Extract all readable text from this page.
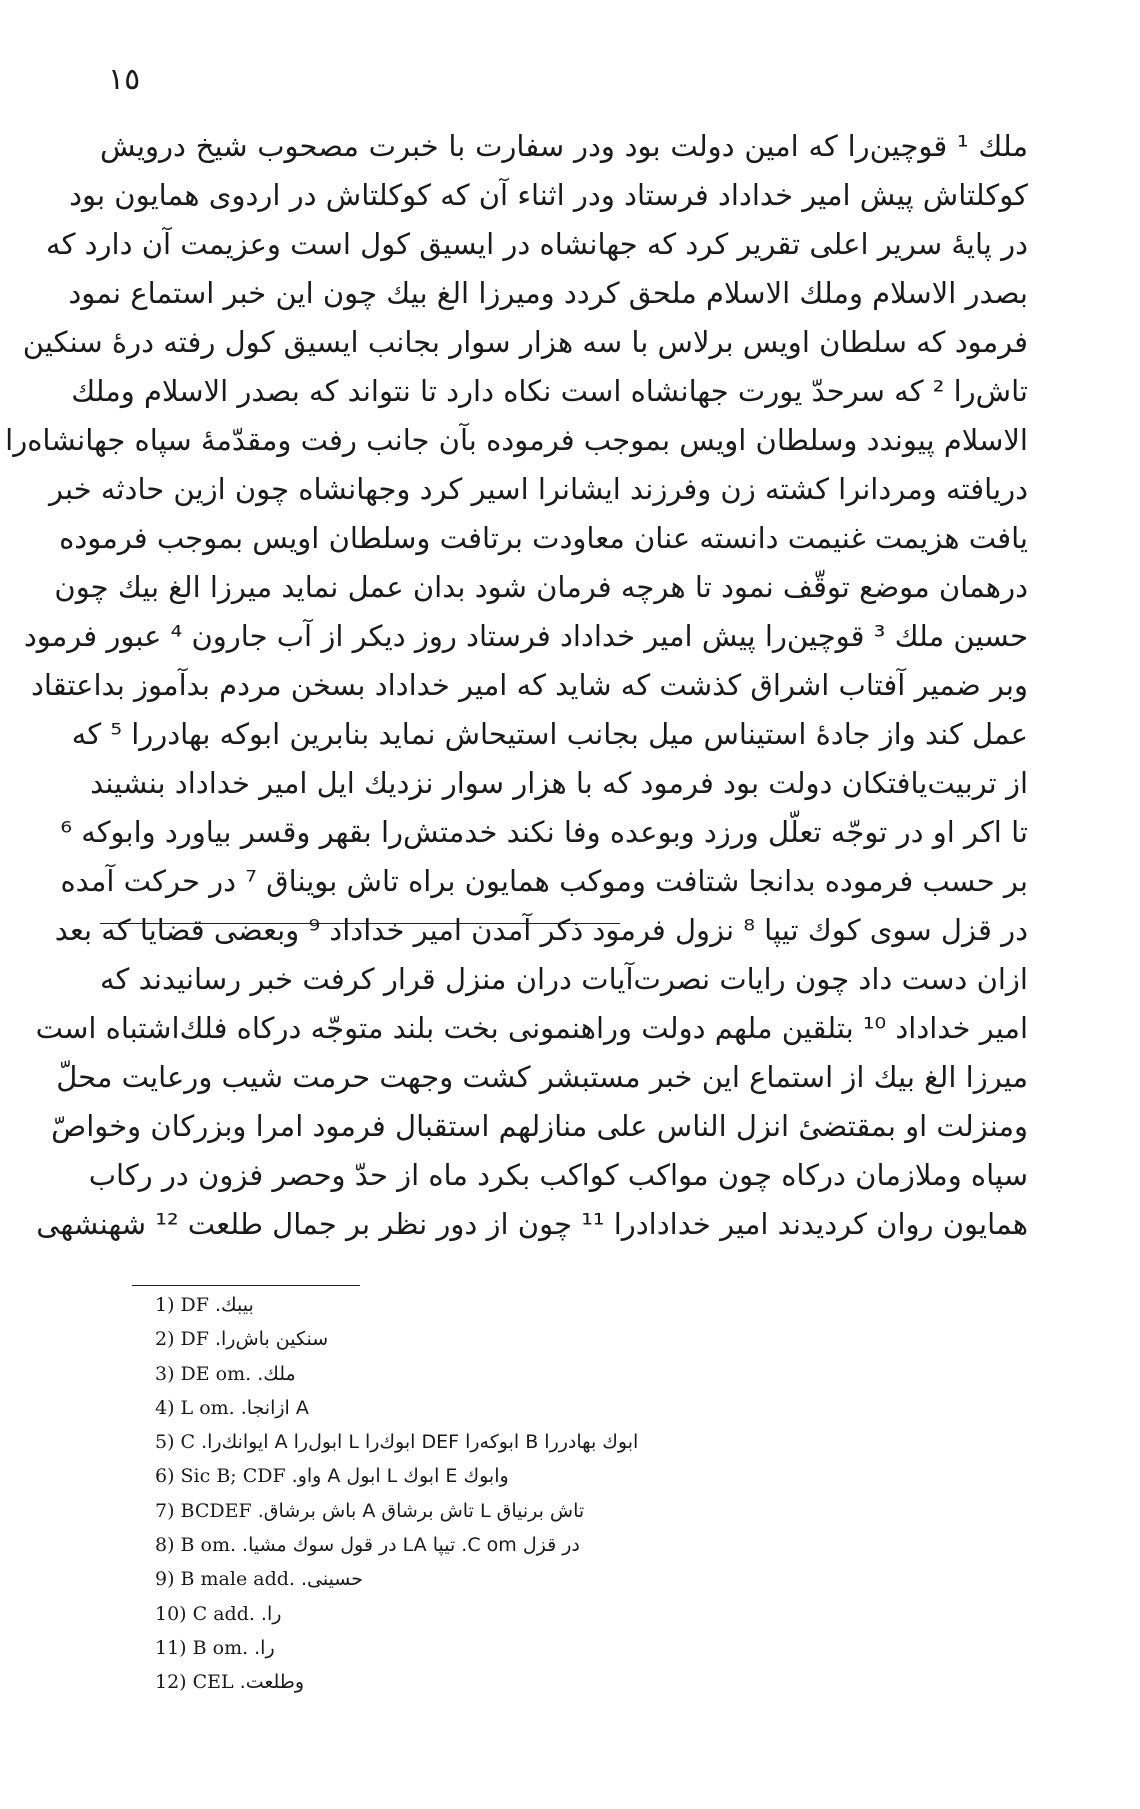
١٥
ملك ¹ قوچین‌را که امین دولت بود ودر سفارت با خبرت مصحوب شیخ درویش
کوکلتاش پیش امیر خداداد فرستاد ودر اثناء آن که کوکلتاش در اردوی همایون بود
در پایهٔ سریر اعلی تقریر کرد که جهانشاه در ایسیق کول است وعزیمت آن دارد که
بصدر الاسلام وملك الاسلام ملحق کردد ومیرزا الغ بیك چون این خبر استماع نمود
فرمود که سلطان اویس برلاس با سه هزار سوار بجانب ایسیق کول رفته درهٔ سنکین
تاش‌را ² که سرحدّ یورت جهانشاه است نکاه دارد تا نتواند که بصدر الاسلام وملك
الاسلام پیوندد وسلطان اویس بموجب فرموده بآن جانب رفت ومقدّمهٔ سپاه جهانشاه‌را
دریافته ومردانرا کشته زن وفرزند ایشانرا اسیر کرد وجهانشاه چون ازین حادثه خبر
یافت هزیمت غنیمت دانسته عنان معاودت برتافت وسلطان اویس بموجب فرموده
درهمان موضع توقّف نمود تا هرچه فرمان شود بدان عمل نماید میرزا الغ بیك چون
حسین ملك ³ قوچین‌را پیش امیر خداداد فرستاد روز دیکر از آب جارون ⁴ عبور فرمود
وبر ضمیر آفتاب اشراق کذشت که شاید که امیر خداداد بسخن مردم بدآموز بداعتقاد
عمل کند واز جادهٔ استیناس میل بجانب استیحاش نماید بنابرین ابوکه بهادررا ⁵ که
از تربیت‌یافتکان دولت بود فرمود که با هزار سوار نزدیك ایل امیر خداداد بنشیند
تا اکر او در توجّه تعلّل ورزد وبوعده وفا نکند خدمتش‌را بقهر وقسر بیاورد وابوکه ⁶
بر حسب فرموده بدانجا شتافت وموکب همایون براه تاش بویناق ⁷ در حرکت آمده
در قزل سوی کوك تیپا ⁸ نزول فرمود ذکر آمدن امیر خداداد ⁹ وبعضی قضایا که بعد
ازان دست داد چون رایات نصرت‌آیات دران منزل قرار کرفت خبر رسانیدند که
امیر خداداد ¹⁰ بتلقین ملهم دولت وراهنمونی بخت بلند متوجّه درکاه فلك‌اشتباه است
میرزا الغ بیك از استماع این خبر مستبشر کشت وجهت حرمت شیب ورعایت محلّ
ومنزلت او بمقتضیٔ انزل الناس علی منازلهم استقبال فرمود امرا وبزرکان وخواصّ
سپاه وملازمان درکاه چون مواکب کواکب بکرد ماه از حدّ وحصر فزون در رکاب
همایون روان کردیدند امیر خدادادرا ¹¹ چون از دور نظر بر جمال طلعت ¹² شهنشهی
1) DF بیبك.
2) DF سنکین باش‌را.
3) DE om. ملك.
4) L om. A ازانجا.
5) C ابوك بهادررا B ابوکه‌را DEF ابوك‌را L ابول‌را A ایوانك‌را.
6) Sic B; CDF وابوك E ابوك L ابول A واو.
7) BCDEF تاش برنیاق L تاش برشاق A باش برشاق.
8) B om. در قزل C om. تیپا LA در قول سوك مشیا.
9) B male add. حسینی.
10) C add. را.
11) B om. را.
12) CEL وطلعت.
